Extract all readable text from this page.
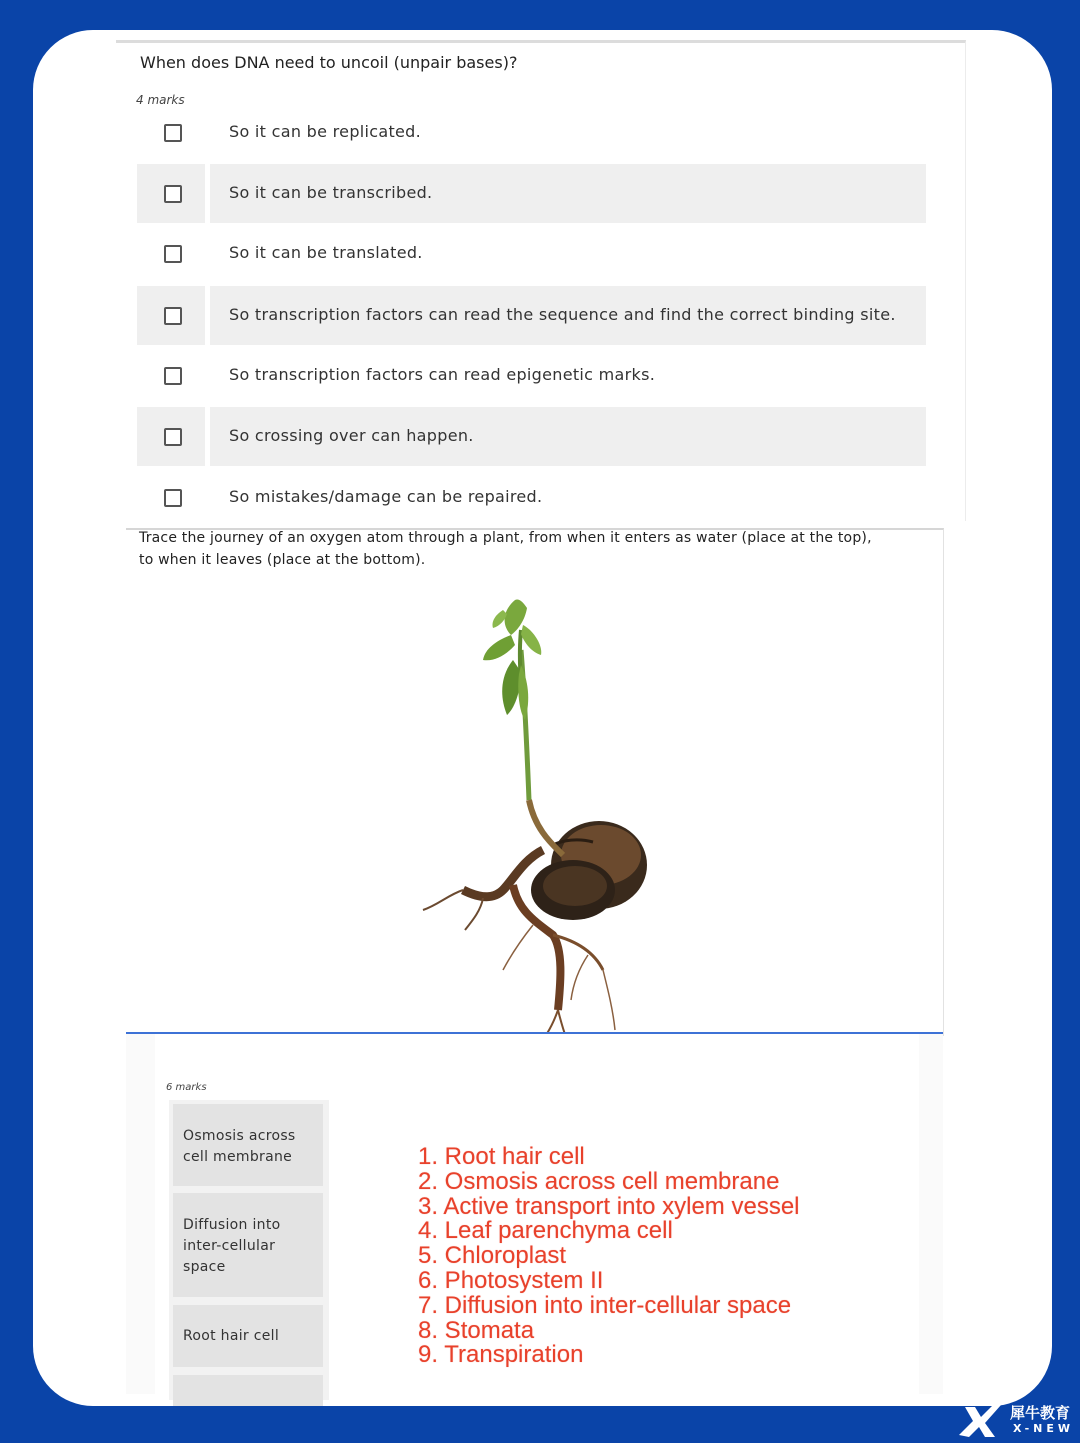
When does DNA need to uncoil (unpair bases)?
4 marks
So it can be replicated.
So it can be transcribed.
So it can be translated.
So transcription factors can read the sequence and find the correct binding site.
So transcription factors can read epigenetic marks.
So crossing over can happen.
So mistakes/damage can be repaired.
Trace the journey of an oxygen atom through a plant, from when it enters as water (place at the top),
to when it leaves (place at the bottom).
6 marks
Osmosis across
cell membrane
Diffusion into
inter-cellular
space
Root hair cell
1. Root hair cell
2. Osmosis across cell membrane
3. Active transport into xylem vessel
4. Leaf parenchyma cell
5. Chloroplast
6. Photosystem II
7. Diffusion into inter-cellular space
8. Stomata
9. Transpiration
犀牛教育
X-NEW
